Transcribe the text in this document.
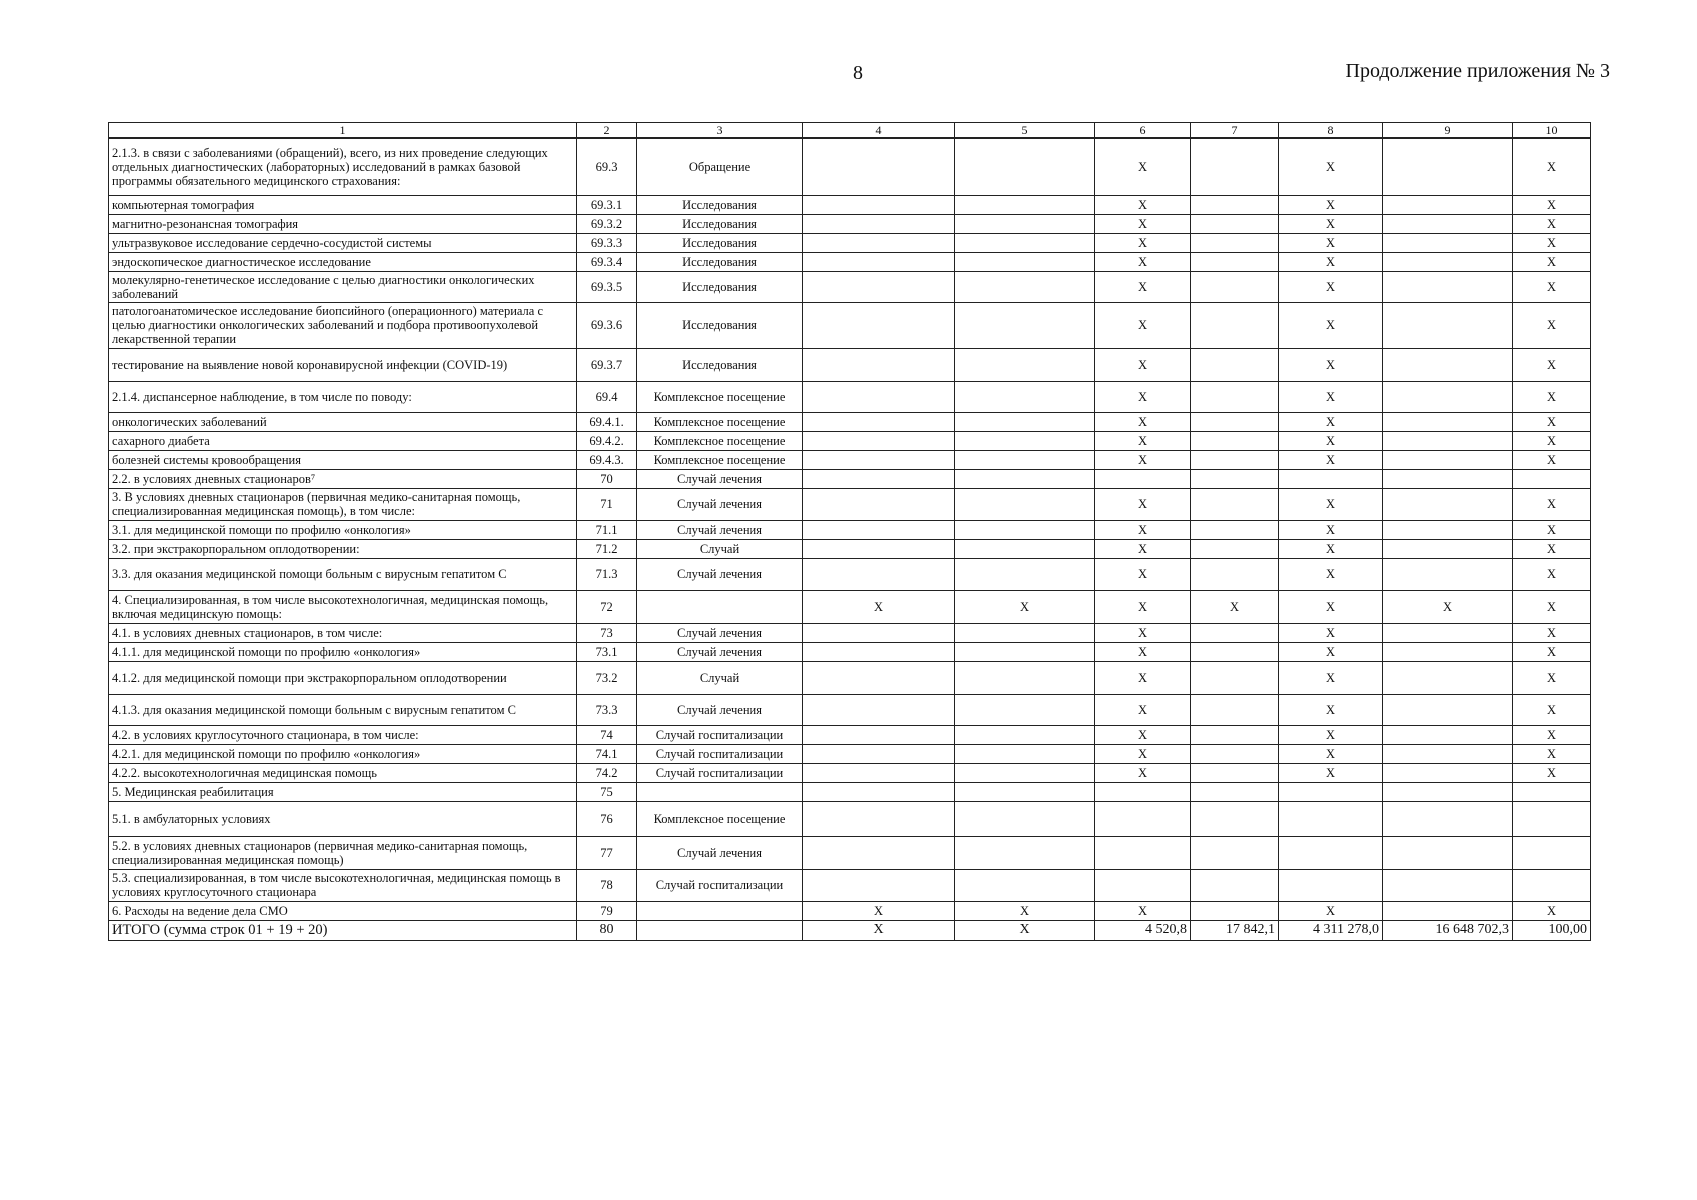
8	Продолжение приложения № 3
1	2	3	4	5	6	7	8	9	10
2.1.3. в связи с заболеваниями (обращений), всего, из них проведение следующих отдельных диагностических (лабораторных) исследований в рамках базовой программы обязательного медицинского страхования:	69.3	Обращение			X		X		X
компьютерная томография	69.3.1	Исследования			X		X		X
магнитно-резонансная томография	69.3.2	Исследования			X		X		X
ультразвуковое исследование сердечно-сосудистой системы	69.3.3	Исследования			X		X		X
эндоскопическое диагностическое исследование	69.3.4	Исследования			X		X		X
молекулярно-генетическое исследование с целью диагностики онкологических заболеваний	69.3.5	Исследования			X		X		X
патологоанатомическое исследование биопсийного (операционного) материала с целью диагностики онкологических заболеваний и подбора противоопухолевой лекарственной терапии	69.3.6	Исследования			X		X		X
тестирование на выявление новой коронавирусной инфекции (COVID-19)	69.3.7	Исследования			X		X		X
2.1.4. диспансерное наблюдение, в том числе по поводу:	69.4	Комплексное посещение			X		X		X
онкологических заболеваний	69.4.1.	Комплексное посещение			X		X		X
сахарного диабета	69.4.2.	Комплексное посещение			X		X		X
болезней системы кровообращения	69.4.3.	Комплексное посещение			X		X		X
2.2. в условиях дневных стационаров⁷	70	Случай лечения							
3. В условиях дневных стационаров (первичная медико-санитарная помощь, специализированная медицинская помощь), в том числе:	71	Случай лечения			X		X		X
3.1. для медицинской помощи по профилю «онкология»	71.1	Случай лечения			X		X		X
3.2. при экстракорпоральном оплодотворении:	71.2	Случай			X		X		X
3.3. для оказания медицинской помощи больным с вирусным гепатитом С	71.3	Случай лечения			X		X		X
4. Специализированная, в том числе высокотехнологичная, медицинская помощь, включая медицинскую помощь:	72		X	X	X	X	X	X	X
4.1. в условиях дневных стационаров, в том числе:	73	Случай лечения			X		X		X
4.1.1. для медицинской помощи по профилю «онкология»	73.1	Случай лечения			X		X		X
4.1.2. для медицинской помощи при экстракорпоральном оплодотворении	73.2	Случай			X		X		X
4.1.3. для оказания медицинской помощи больным с вирусным гепатитом С	73.3	Случай лечения			X		X		X
4.2. в условиях круглосуточного стационара, в том числе:	74	Случай госпитализации			X		X		X
4.2.1. для медицинской помощи по профилю «онкология»	74.1	Случай госпитализации			X		X		X
4.2.2. высокотехнологичная медицинская помощь	74.2	Случай госпитализации			X		X		X
5. Медицинская реабилитация	75								
5.1. в амбулаторных условиях	76	Комплексное посещение							
5.2. в условиях дневных стационаров (первичная медико-санитарная помощь, специализированная медицинская помощь)	77	Случай лечения							
5.3. специализированная, в том числе высокотехнологичная, медицинская помощь в условиях круглосуточного стационара	78	Случай госпитализации							
6. Расходы на ведение дела СМО	79		X	X	X		X		X
ИТОГО (сумма строк 01 + 19 + 20)	80		X	X	4 520,8	17 842,1	4 311 278,0	16 648 702,3	100,00
